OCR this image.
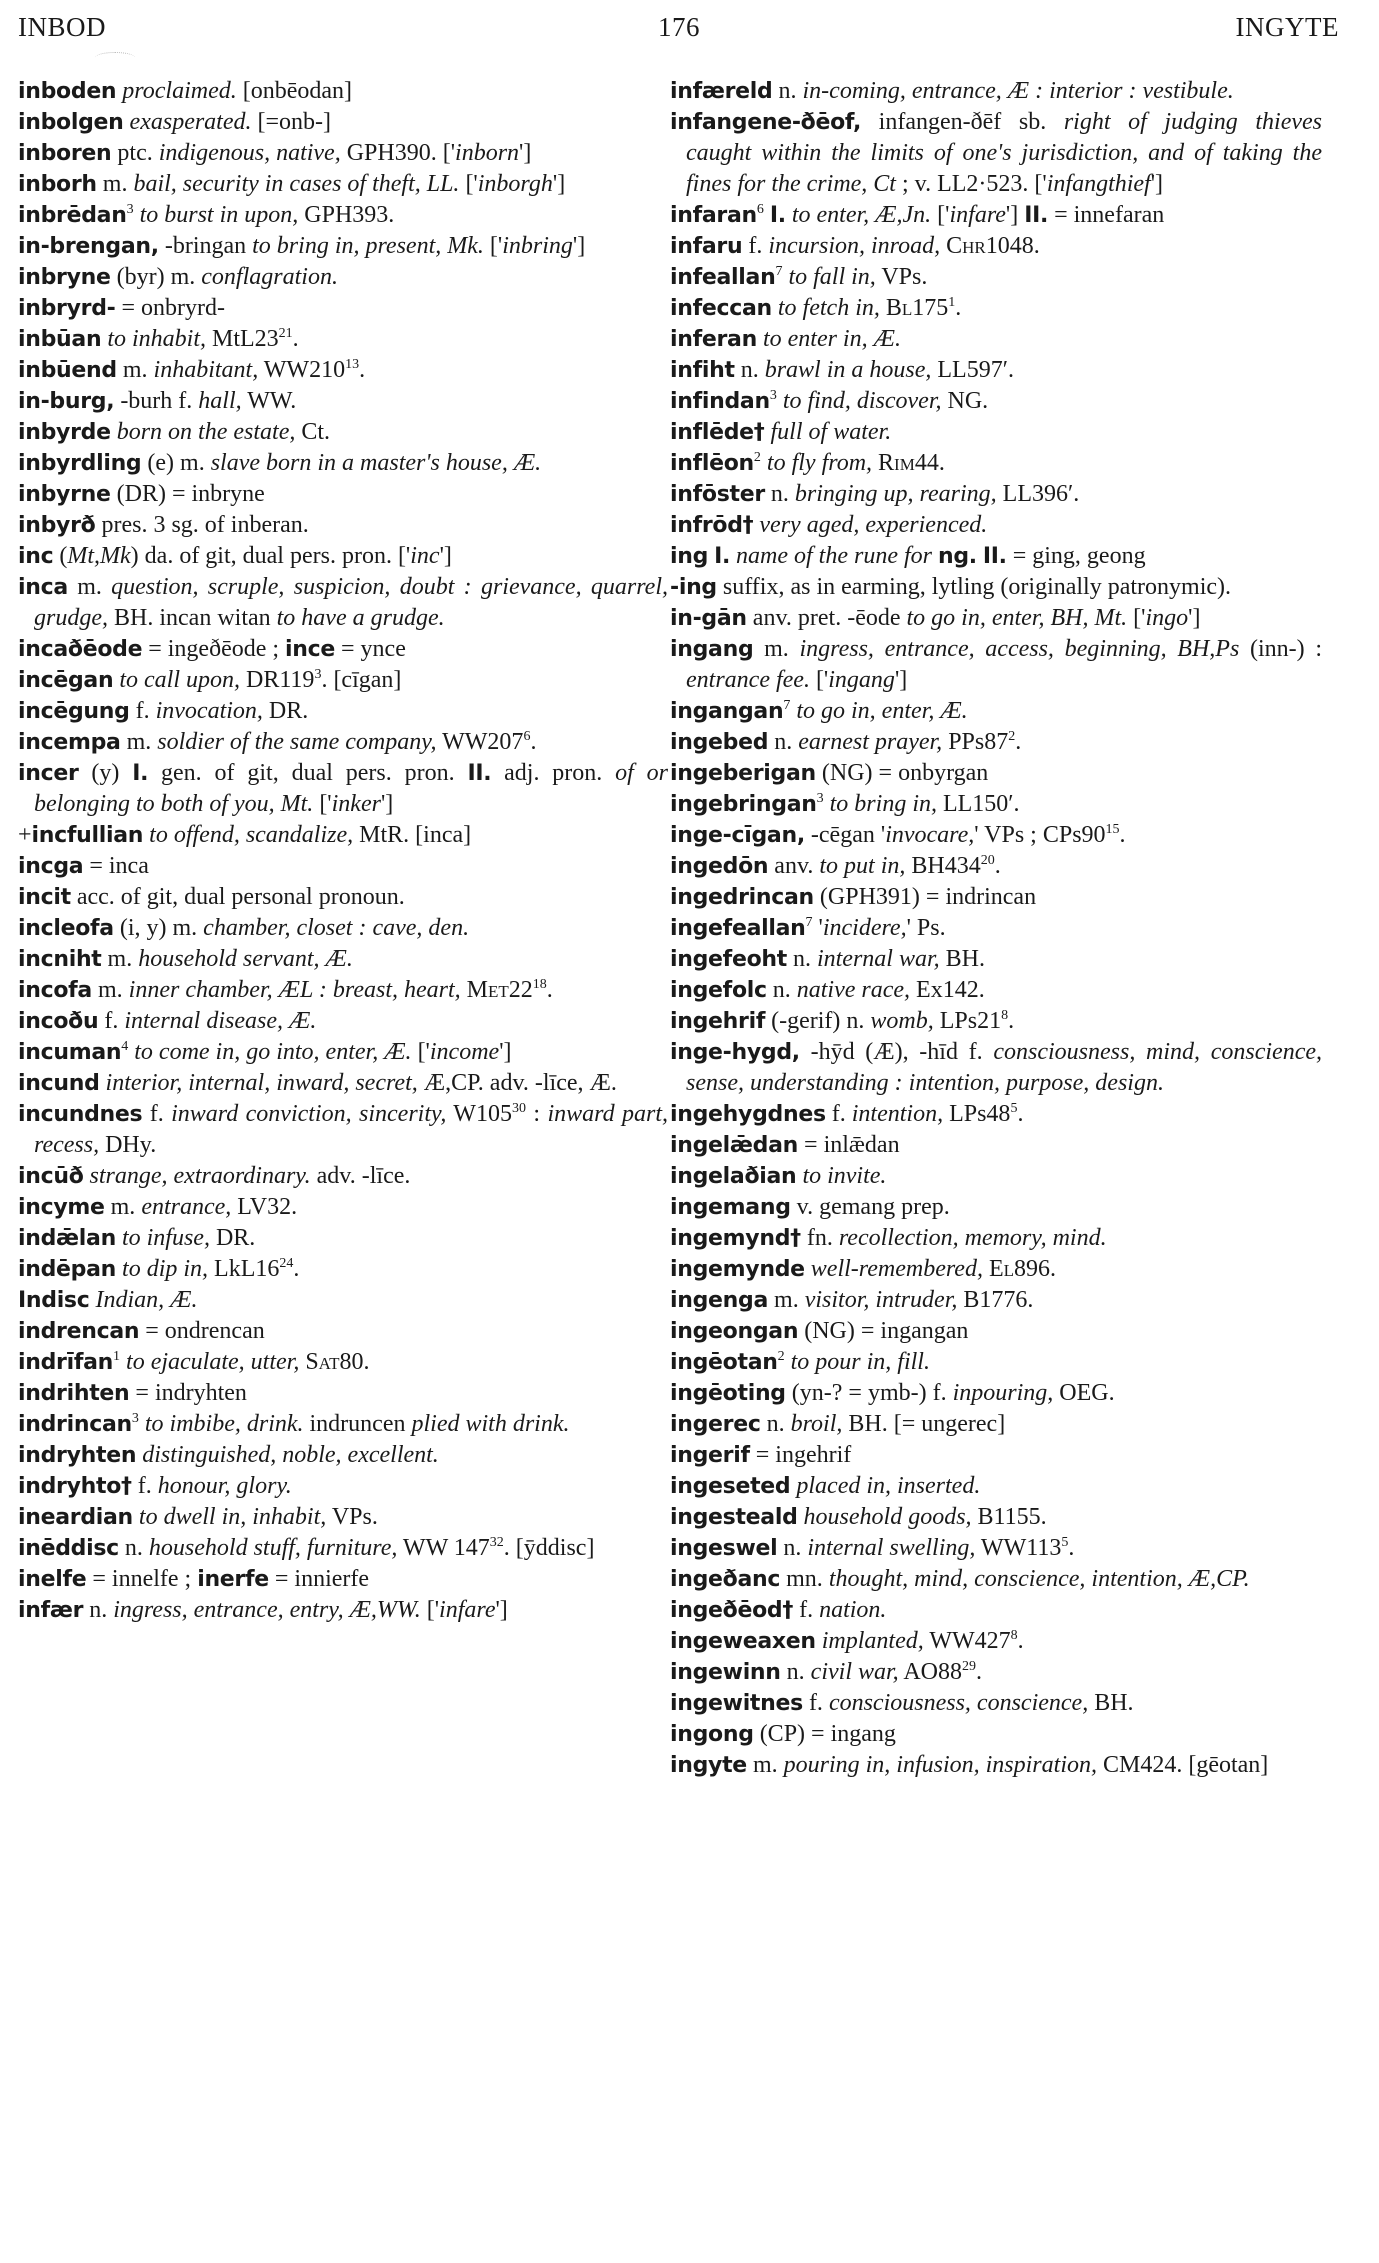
INBOD	176	INGYTE

inboden proclaimed. [onbēodan]

inbolgen exasperated. [=onb-]

inboren ptc. indigenous, native, GPH390. ['inborn']

inborh m. bail, security in cases of theft, LL. ['inborgh']

inbrēdan$^3$ to burst in upon, GPH393.

in-brengan, -bringan to bring in, present, Mk. ['inbring']

inbryne (byr) m. conflagration.

inbryrd- = onbryrd-

inbūan to inhabit, $MtL23^{21}$.

inbūend m. inhabitant, $WW210^{13}$.

in-burg, -burh f. hall, WW.

inbyrde born on the estate, Ct.

inbyrdling (e) m. slave born in a master's house, Æ.

inbyrne (DR) = inbryne

inbyrð pres. 3 sg. of inberan.

inc (Mt,Mk) da. of git, dual pers. pron. ['inc']

inca m. question, scruple, suspicion, doubt : grievance, quarrel, grudge, BH. incan witan to have a grudge.

incaðēode = ingeðēode ; ince = ynce

incēgan to call upon, $DR119^3$. [cīgan]

incēgung f. invocation, DR.

incempa m. soldier of the same company, $WW207^6$.

incer (y) I. gen. of git, dual pers. pron. II. adj. pron. of or belonging to both of you, Mt. ['inker']

+incfullian to offend, scandalize, MtR. [inca]

incga = inca

incit acc. of git, dual personal pronoun.

incleofa (i, y) m. chamber, closet : cave, den.

incniht m. household servant, Æ.

incofa m. inner chamber, ÆL : breast, heart, $Met22^{18}$.

incoðu f. internal disease, Æ.

incuman$^4$ to come in, go into, enter, Æ. ['income']

incund interior, internal, inward, secret, Æ,CP. adv. -līce, Æ.

incundnes f. inward conviction, sincerity, $W105^{30}$ : inward part, recess, DHy.

incūð strange, extraordinary. adv. -līce.

incyme m. entrance, LV32.

indǣlan to infuse, DR.

indēpan to dip in, $LkL16^{24}$.

Indisc Indian, Æ.

indrencan = ondrencan

indrīfan$^1$ to ejaculate, utter, Sat80.

indrihten = indryhten

indrincan$^3$ to imbibe, drink. indruncen plied with drink.

indryhten distinguished, noble, excellent.

indryhto† f. honour, glory.

ineardian to dwell in, inhabit, VPs.

inēddisc n. household stuff, furniture, WW $147^{32}$. [ȳddisc]

inelfe = innelfe ; inerfe = innierfe

infær n. ingress, entrance, entry, Æ,WW. ['infare']

infæreld n. in-coming, entrance, Æ : interior : vestibule.

infangene-ðēof, infangen-ðēf sb. right of judging thieves caught within the limits of one's jurisdiction, and of taking the fines for the crime, Ct ; v. LL2·523. ['infangthief']

infaran$^6$ I. to enter, Æ,Jn. ['infare'] II. = innefaran

infaru f. incursion, inroad, Chr1048.

infeallan$^7$ to fall in, VPs.

infeccan to fetch in, $Bl175^1$.

inferan to enter in, Æ.

infiht n. brawl in a house, LL597′.

infindan$^3$ to find, discover, NG.

inflēde† full of water.

inflēon$^2$ to fly from, Rim44.

infōster n. bringing up, rearing, LL396′.

infrōd† very aged, experienced.

ing I. name of the rune for ng. II. = ging, geong

-ing suffix, as in earming, lytling (originally patronymic).

in-gān anv. pret. -ēode to go in, enter, BH, Mt. ['ingo']

ingang m. ingress, entrance, access, beginning, BH,Ps (inn-) : entrance fee. ['ingang']

ingangan$^7$ to go in, enter, Æ.

ingebed n. earnest prayer, $PPs87^2$.

ingeberigan (NG) = onbyrgan

ingebringan$^3$ to bring in, LL150′.

inge-cīgan, -cēgan 'invocare,' VPs ; $CPs90^{15}$.

ingedōn anv. to put in, $BH434^{20}$.

ingedrincan (GPH391) = indrincan

ingefeallan$^7$ 'incidere,' Ps.

ingefeoht n. internal war, BH.

ingefolc n. native race, Ex142.

ingehrif (-gerif) n. womb, $LPs21^8$.

inge-hygd, -hȳd (Æ), -hīd f. consciousness, mind, conscience, sense, understanding : intention, purpose, design.

ingehygdnes f. intention, $LPs48^5$.

ingelǣdan = inlǣdan

ingelaðian to invite.

ingemang v. gemang prep.

ingemynd† fn. recollection, memory, mind.

ingemynde well-remembered, El896.

ingenga m. visitor, intruder, B1776.

ingeongan (NG) = ingangan

ingēotan$^2$ to pour in, fill.

ingēoting (yn-? = ymb-) f. inpouring, OEG.

ingerec n. broil, BH. [= ungerec]

ingerif = ingehrif

ingeseted placed in, inserted.

ingesteald household goods, B1155.

ingeswel n. internal swelling, $WW113^5$.

ingeðanc mn. thought, mind, conscience, intention, Æ,CP.

ingeðēod† f. nation.

ingeweaxen implanted, $WW427^8$.

ingewinn n. civil war, $AO88^{29}$.

ingewitnes f. consciousness, conscience, BH.

ingong (CP) = ingang

ingyte m. pouring in, infusion, inspiration, CM424. [gēotan]
